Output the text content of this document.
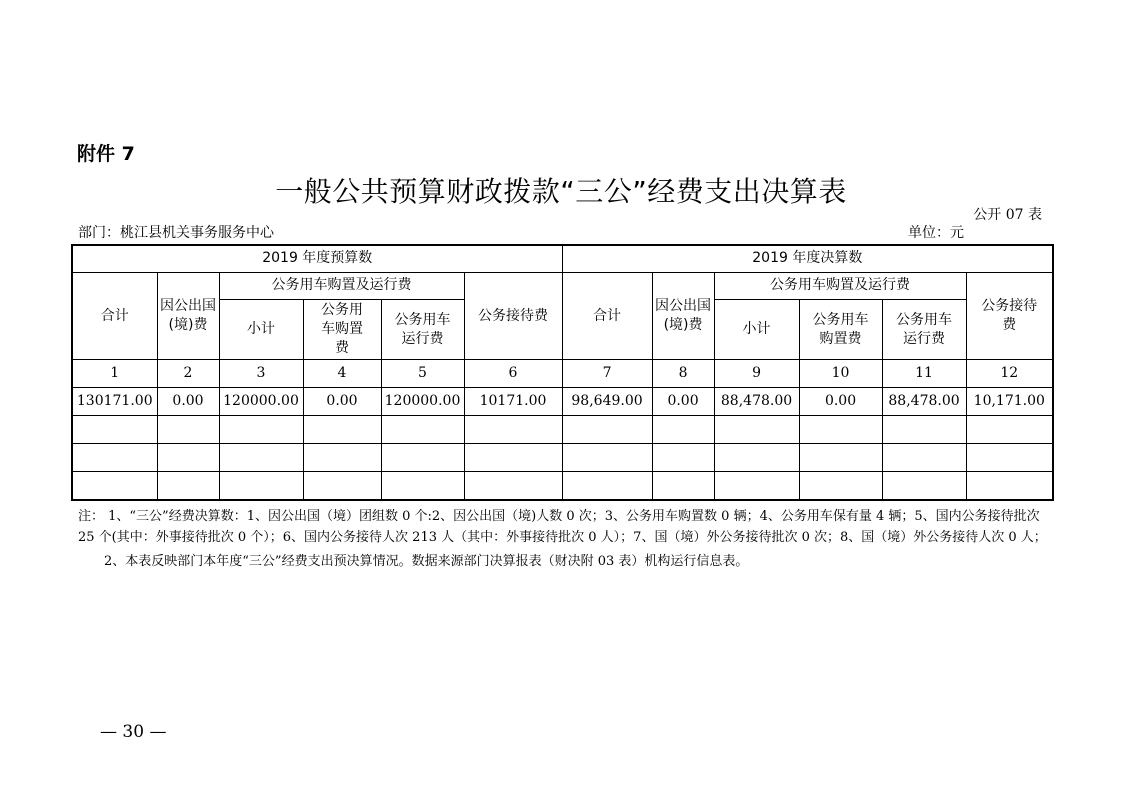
附件 7
一般公共预算财政拨款“三公”经费支出决算表
公开 07 表
部门：桃江县机关事务服务中心	单位：元
2019 年度预算数						2019 年度决算数					
合计	因公出国(境)费	公务用车购置及运行费			公务接待费	合计	因公出国(境)费	公务用车购置及运行费			公务接待费
		小计	公务用车购置费	公务用车运行费				小计	公务用车购置费	公务用车运行费	
1	2	3	4	5	6	7	8	9	10	11	12
130171.00	0.00	120000.00	0.00	120000.00	10171.00	98,649.00	0.00	88,478.00	0.00	88,478.00	10,171.00

注： 1、“三公”经费决算数：1、因公出国（境）团组数 0 个:2、因公出国（境)人数 0 次；3、公务用车购置数 0 辆；4、公务用车保有量 4 辆；5、国内公务接待批次 25 个(其中：外事接待批次 0 个）；6、国内公务接待人次 213 人（其中：外事接待批次 0 人）；7、国（境）外公务接待批次 0 次；8、国（境）外公务接待人次 0 人；

2、本表反映部门本年度“三公”经费支出预决算情况。数据来源部门决算报表（财决附 03 表）机构运行信息表。

— 30 —
